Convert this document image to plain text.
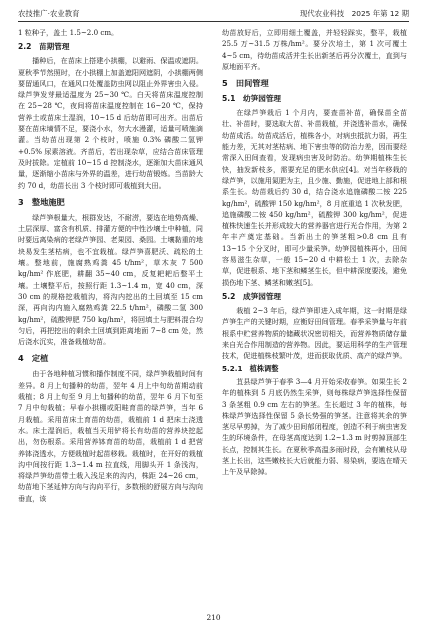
农技推广·农业教育	现代农业科技　2025 年第 12 期

1 粒种子，盖土 1.5~2.0 cm。

2.2　苗期管理

播种后，在苗床上搭建小拱棚，以避雨、保温或遮阴。夏秋季节然照时，在小拱棚上加盖遮阳网遮阴，小拱棚两侧要留通风口，在通风口处覆盖防虫网以阻止外界害虫入侵。绿芦笋发芽最适温度为 25~30 ℃。白天将苗床温度控制在 25~28 ℃，夜间将苗床温度控制在 16~20 ℃，保持营养土或苗床土湿润，10~15 d 后幼苗即可出齐。出苗后要在苗床墒情不足，要浇小水，勿大水漫灌，适量可喷施滴灌。当幼苗出现第 2 个枝时，喷施 0.3% 磷酸二氢钾 +0.5% 尿素溶液。齐苗后，若出现杂草，应结合苗床管理及时拔除。定植前 10~15 d 控制浇水，逐渐加大苗床通风量，逐渐缩小苗床与外界的温差，进行幼苗锻炼。当苗龄大约 70 d，幼苗长出 3 个枝时即可栽植到大田。

3　整地施肥

绿芦笋根量大，根群发达，不耐涝，要选在地势高燥、土层深厚、富含有机质、排灌方便的中性沙壤土中种植，同时要远离染病的老绿芦笋园、老果园、桑园。土壤黏重的地块易发生茎枯病，也不宜栽植。绿芦笋喜肥沃、疏松的土壤。整地前，施腐熟鸡粪 45 t/hm²，草木灰 7 500 kg/hm² 作底肥，耕翻 35~40 cm，反复耙耙后整平土壤。土壤整平后，按照行距 1.3~1.4 m，宽 40 cm，深 30 cm 的规格挖栽植沟，将沟内挖出的土回填至 15 cm 深，再向沟内施入腐熟鸡粪 22.5 t/hm²，磷酸二氢 300 kg/hm²，硫酸钾肥 750 kg/hm²，将回填土与肥料混合均匀后，再把挖出的剩余土回填到距离地面 7~8 cm 处，然后浇水沉实，准备栽植幼苗。

4　定植

由于各地种植习惯和播作制度不同，绿芦笋栽植时间有差异。8 月上旬播种的幼苗，翌年 4 月上中旬幼苗期动前栽植；8 月上旬至 9 月上旬播种的幼苗，翌年 6 月下旬至 7 月中旬栽植；早春小拱棚或阳畦育苗的绿芦笋，当年 6 月栽植。采用苗床土育苗的幼苗，栽植前 1 d 把床土浇透水。床土湿润后，栽植当天用铲将长有幼苗的营养块挖起出，勿伤根系。采用营养钵育苗的幼苗，栽植前 1 d 把营养钵浇透水，方便栽植时起苗移栽。栽植时，在开好的栽植沟中间按行距 1.3~1.4 m 拉直线，用脚头开 1 条浅沟，将绿芦笋幼苗带土栽入浅足来的沟内，株距 24~26 cm，幼苗地下茎延伸方向与沟向平行，多数根的舒展方向与沟向垂直，该

幼苗放好后，立即用细土覆盖，并轻轻踩实，整平，栽植 25.5 万~31.5 万株/hm²。要分次培土，第 1 次可覆土 4~5 cm，待幼苗成活并生长出新茎后再分次覆土，直到与原地面平齐。

5　田间管理
5.1　幼笋园管理

在绿芦笋栽后 1 个月内，要查苗补苗，确保苗全苗壮、补苗时，要选取大苗、补苗栽植，并浇透补苗水，确保幼苗成活。幼苗成活后，植株各小，对病虫抵抗力弱，再生能力差，无其对茎枯病、地下害虫等的防治力差，因而要经常深入田间查看，发现病虫害及时防治。幼笋期植株生长快，抽发新枝多，需要充足的肥水供应[4]。对当年移栽的绿芦笋，以施用氮肥为主，且少施、勤施，促进地上部和根系生长。幼苗栽后约 30 d，结合浇水追施磷酸二铵 225 kg/hm²，硫酸钾 150 kg/hm²，8 月底重追 1 次秋发肥，追施磷酸二铵 450 kg/hm²，硫酸钾 300 kg/hm²，促进植株快速生长并形成较大的营养器官进行光合作用，为第 2 年丰产奠定基础。当新出土的笋茎粗>0.8 cm 且有 13~15 个分叉时，即可少量采笋。幼笋园植株再小，田间容易滋生杂草，一般 15~20 d 中耕松土 1 次，去除杂草，促进根系、地下茎和鳞茎生长，但中耕深度要浅，避免损伤地下茎、鳞茎和嫩茎[5]。

5.2　成笋园管理

栽植 2~3 年后，绿芦笋即进入成年期，这一时期是绿芦笋生产的关键时期，应衡好田间管理。春季采笋量与年前根系中贮营养物质的储藏状况密切相关，而营养物质储存量来自光合作用制造的营养物。因此，要运用科学的生产管理技术，促进植株枝繁叶茂，进而获取优质、高产的绿芦笋。

5.2.1　植株调整

苴县绿芦笋于春季 3—4 月开始采收春笋。如果生长 2 年的植株到 5 月底仍然生采笋，则每株绿芦笋选择性保留 3 条茎粗 0.9 cm 左右的笋茎。生长超过 3 年的植株，每株绿芦笋选择性保留 5 条长势强的笋茎。注意将其余的笋茎尽早剪掉，为了减少田间郁闭程度，创造不利于病虫害发生的环境条件，在母茎高度达到 1.2~1.3 m 时剪掉顶部生长点，控制其生长。在夏秋季高温多雨时段，会有嫩枝从母茎上长出，这些嫩枝长大后就能力弱、易染病，要选在晴天上午及早除掉。

210
